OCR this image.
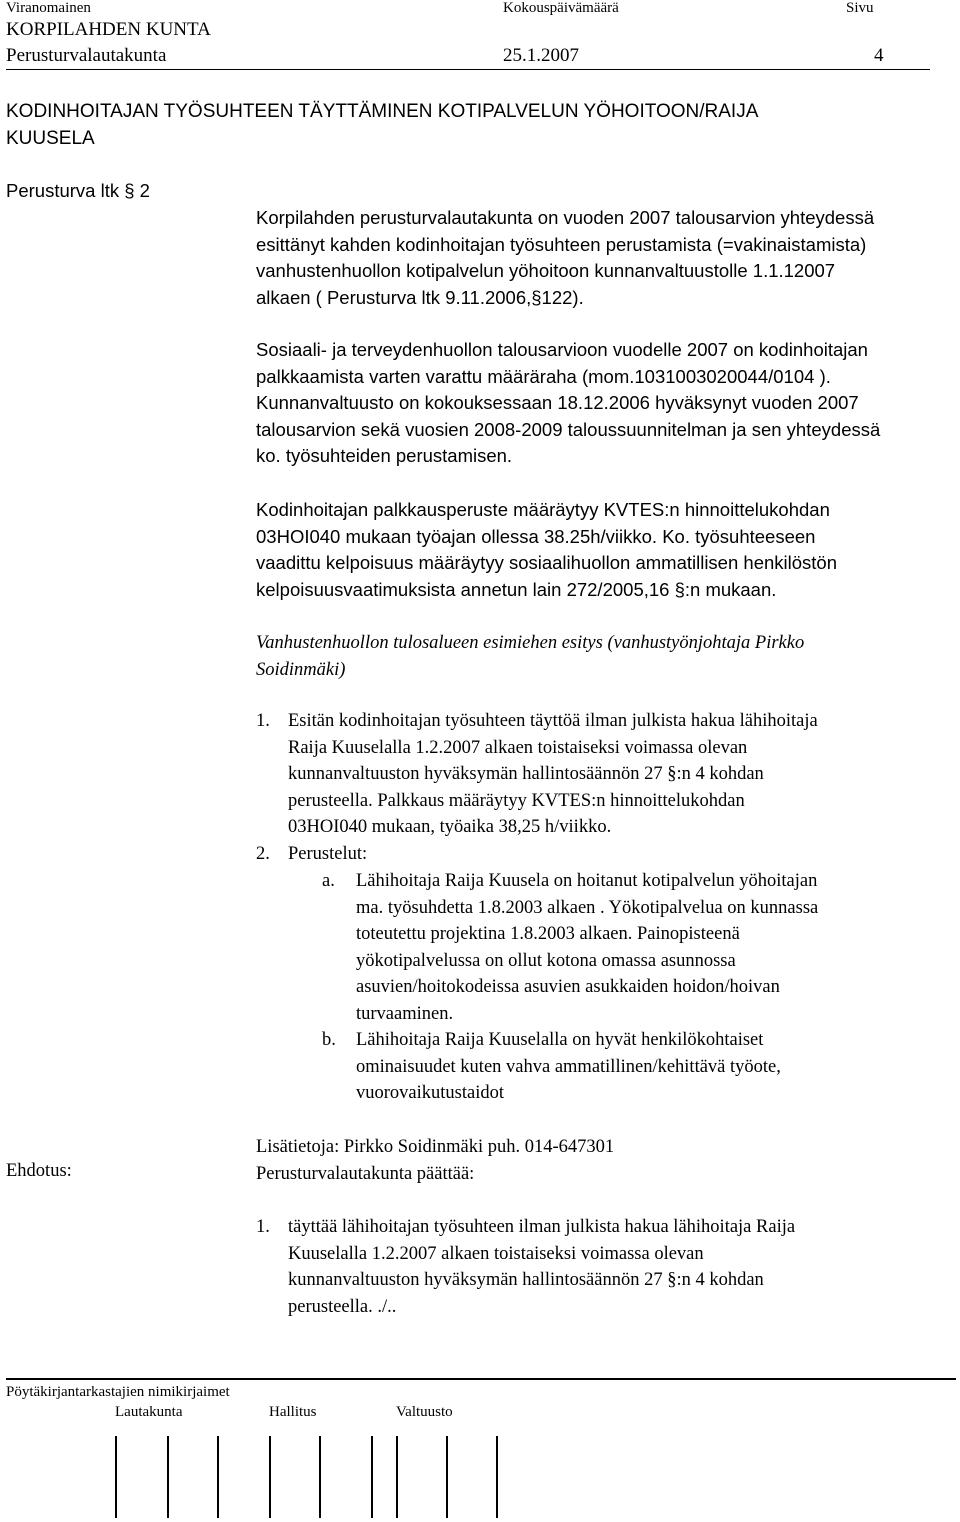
Viranomainen	Kokouspäivämäärä	Sivu
KORPILAHDEN KUNTA
Perusturvalautakunta	25.1.2007	4
KODINHOITAJAN TYÖSUHTEEN TÄYTTÄMINEN KOTIPALVELUN YÖHOITOON/RAIJA
KUUSELA
Perusturva ltk § 2
Korpilahden perusturvalautakunta on vuoden 2007 talousarvion yhteydessä
esittänyt kahden kodinhoitajan työsuhteen perustamista (=vakinaistamista)
vanhustenhuollon kotipalvelun yöhoitoon kunnanvaltuustolle 1.1.12007
alkaen ( Perusturva ltk 9.11.2006,§122).
Sosiaali- ja terveydenhuollon talousarvioon vuodelle 2007 on kodinhoitajan
palkkaamista varten varattu määräraha (mom.1031003020044/0104 ).
Kunnanvaltuusto on kokouksessaan 18.12.2006 hyväksynyt vuoden 2007
talousarvion sekä vuosien 2008-2009 taloussuunnitelman ja sen yhteydessä
ko. työsuhteiden perustamisen.
Kodinhoitajan palkkausperuste määräytyy KVTES:n hinnoittelukohdan
03HOI040 mukaan työajan ollessa 38.25h/viikko. Ko. työsuhteeseen
vaadittu kelpoisuus määräytyy sosiaalihuollon ammatillisen henkilöstön
kelpoisuusvaatimuksista annetun lain 272/2005,16 §:n mukaan.
Vanhustenhuollon tulosalueen esimiehen esitys (vanhustyönjohtaja Pirkko
Soidinmäki)
1. Esitän kodinhoitajan työsuhteen täyttöä ilman julkista hakua lähihoitaja
Raija Kuuselalla 1.2.2007 alkaen toistaiseksi voimassa olevan
kunnanvaltuuston hyväksymän hallintosäännön 27 §:n 4 kohdan
perusteella. Palkkaus määräytyy KVTES:n hinnoittelukohdan
03HOI040 mukaan, työaika 38,25 h/viikko.
2. Perustelut:
a. Lähihoitaja Raija Kuusela on hoitanut kotipalvelun yöhoitajan
ma. työsuhdetta 1.8.2003 alkaen . Yökotipalvelua on kunnassa
toteutettu projektina 1.8.2003 alkaen. Painopisteenä
yökotipalvelussa on ollut kotona omassa asunnossa
asuvien/hoitokodeissa asuvien asukkaiden hoidon/hoivan
turvaaminen.
b. Lähihoitaja Raija Kuuselalla on hyvät henkilökohtaiset
ominaisuudet kuten vahva ammatillinen/kehittävä työote,
vuorovaikutustaidot
Lisätietoja: Pirkko Soidinmäki puh. 014-647301
Perusturvalautakunta päättää:
Ehdotus:
1. täyttää lähihoitajan työsuhteen ilman julkista hakua lähihoitaja Raija
Kuuselalla 1.2.2007 alkaen toistaiseksi voimassa olevan
kunnanvaltuuston hyväksymän hallintosäännön 27 §:n 4 kohdan
perusteella. ./..
Pöytäkirjantarkastajien nimikirjaimet
Lautakunta	Hallitus	Valtuusto
